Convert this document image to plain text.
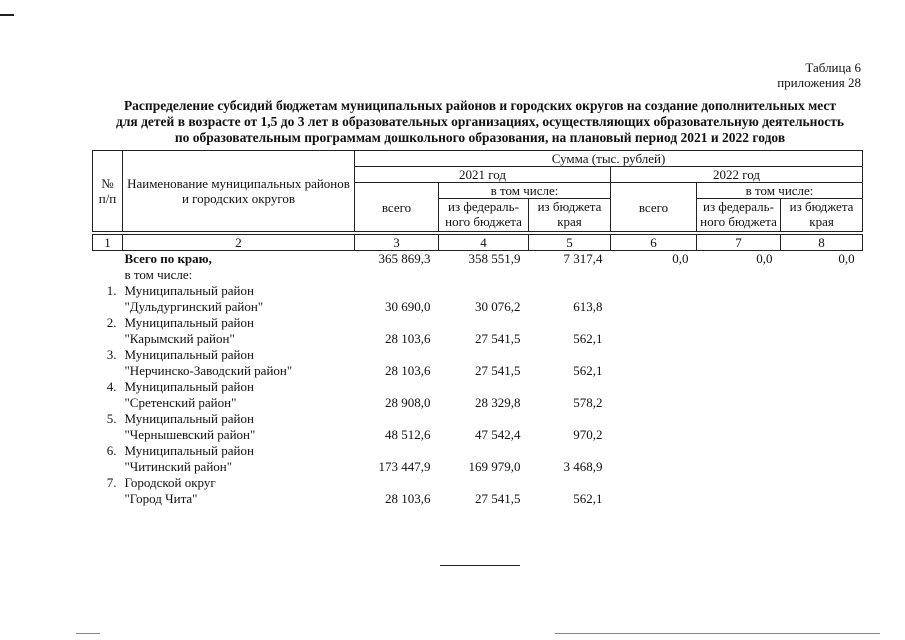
Таблица 6
приложения 28
Распределение субсидий бюджетам муниципальных районов и городских округов на создание дополнительных мест
для детей в возрасте от 1,5 до 3 лет в образовательных организациях, осуществляющих образовательную деятельность
по образовательным программам дошкольного образования, на плановый период 2021 и 2022 годов
№ п/п	Наименование муниципальных районов и городских округов	Сумма (тыс. рублей)					
		2021 год			2022 год		
		всего	в том числе:		всего	в том числе:	
			из федераль-ного бюджета	из бюджета края		из федераль-ного бюджета	из бюджета края

1	2	3	4	5	6	7	8

	Всего по краю,
в том числе:	365 869,3	358 551,9	7 317,4	0,0	0,0	0,0
1.	Муниципальный район
"Дульдургинский район"	30 690,0	30 076,2	613,8			
2.	Муниципальный район
"Карымский район"	28 103,6	27 541,5	562,1			
3.	Муниципальный район
"Нерчинско-Заводский район"	28 103,6	27 541,5	562,1			
4.	Муниципальный район
"Сретенский район"	28 908,0	28 329,8	578,2			
5.	Муниципальный район
"Чернышевский район"	48 512,6	47 542,4	970,2			
6.	Муниципальный район
"Читинский район"	173 447,9	169 979,0	3 468,9			
7.	Городской округ
"Город Чита"	28 103,6	27 541,5	562,1			
